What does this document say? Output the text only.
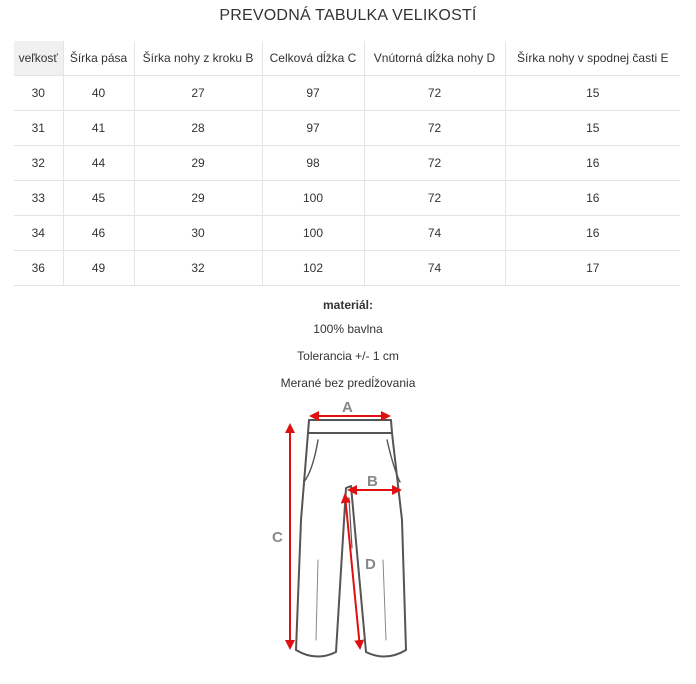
PREVODNÁ TABULKA VELIKOSTÍ
veľkosť	Šírka pása	Šírka nohy z kroku B	Celková dĺžka C	Vnútorná dĺžka nohy D	Šírka nohy v spodnej časti E
30	40	27	97	72	15
31	41	28	97	72	15
32	44	29	98	72	16
33	45	29	100	72	16
34	46	30	100	74	16
36	49	32	102	74	17
materiál:
100% bavlna
Tolerancia +/- 1 cm
Merané bez predĺžovania
A
B
C
D
